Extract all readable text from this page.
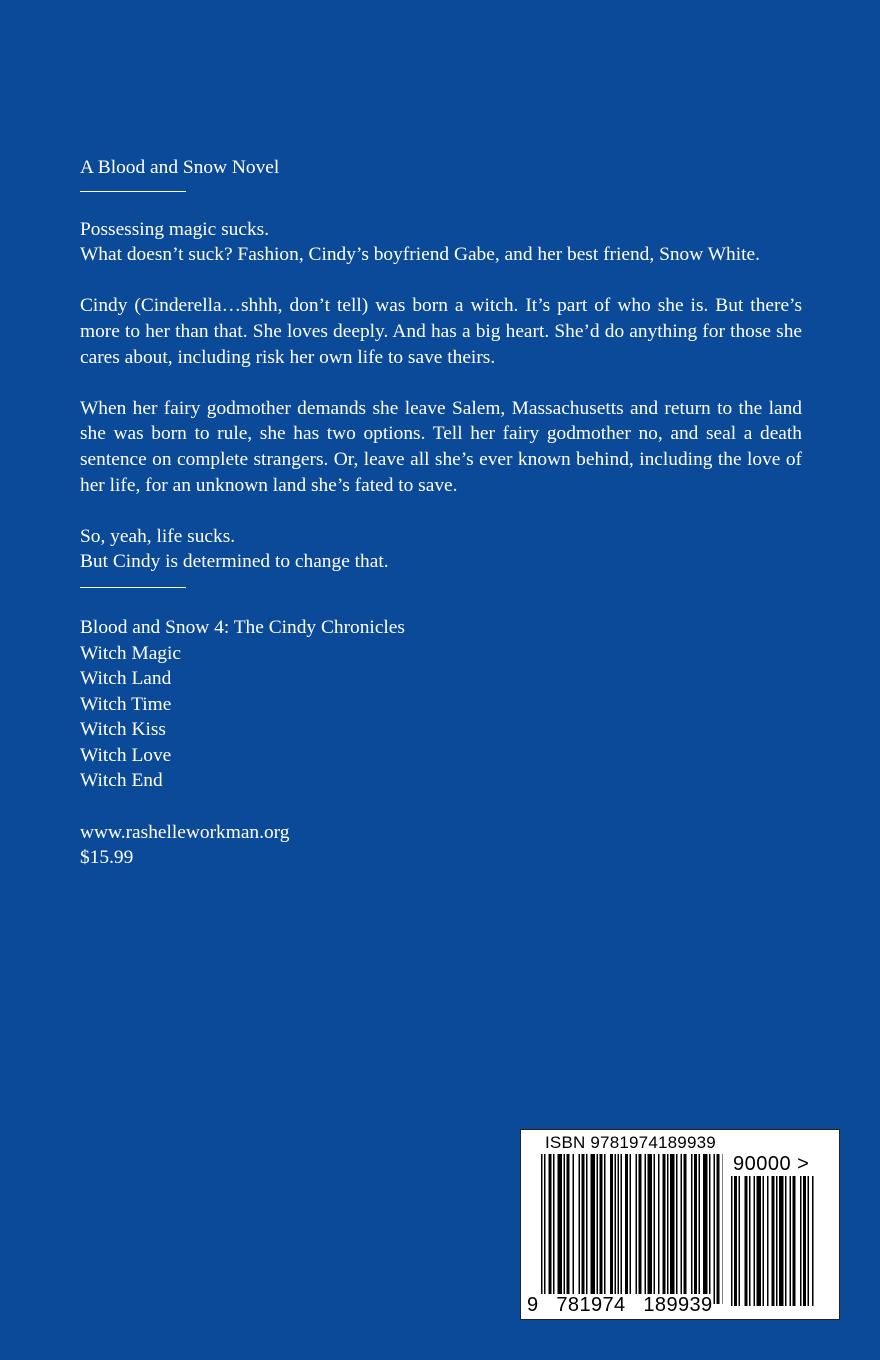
A Blood and Snow Novel

Possessing magic sucks.
What doesn’t suck? Fashion, Cindy’s boyfriend Gabe, and her best friend, Snow White.

Cindy (Cinderella…shhh, don’t tell) was born a witch. It’s part of who she is. But there’s more to her than that. She loves deeply. And has a big heart. She’d do anything for those she cares about, including risk her own life to save theirs.

When her fairy godmother demands she leave Salem, Massachusetts and return to the land she was born to rule, she has two options. Tell her fairy godmother no, and seal a death sentence on complete strangers. Or, leave all she’s ever known behind, including the love of her life, for an unknown land she’s fated to save.

So, yeah, life sucks.
But Cindy is determined to change that.

Blood and Snow 4: The Cindy Chronicles
Witch Magic
Witch Land
Witch Time
Witch Kiss
Witch Love
Witch End
www.rashelleworkman.org
$15.99
ISBN 9781974189939
90000 >
9   781974   189939
